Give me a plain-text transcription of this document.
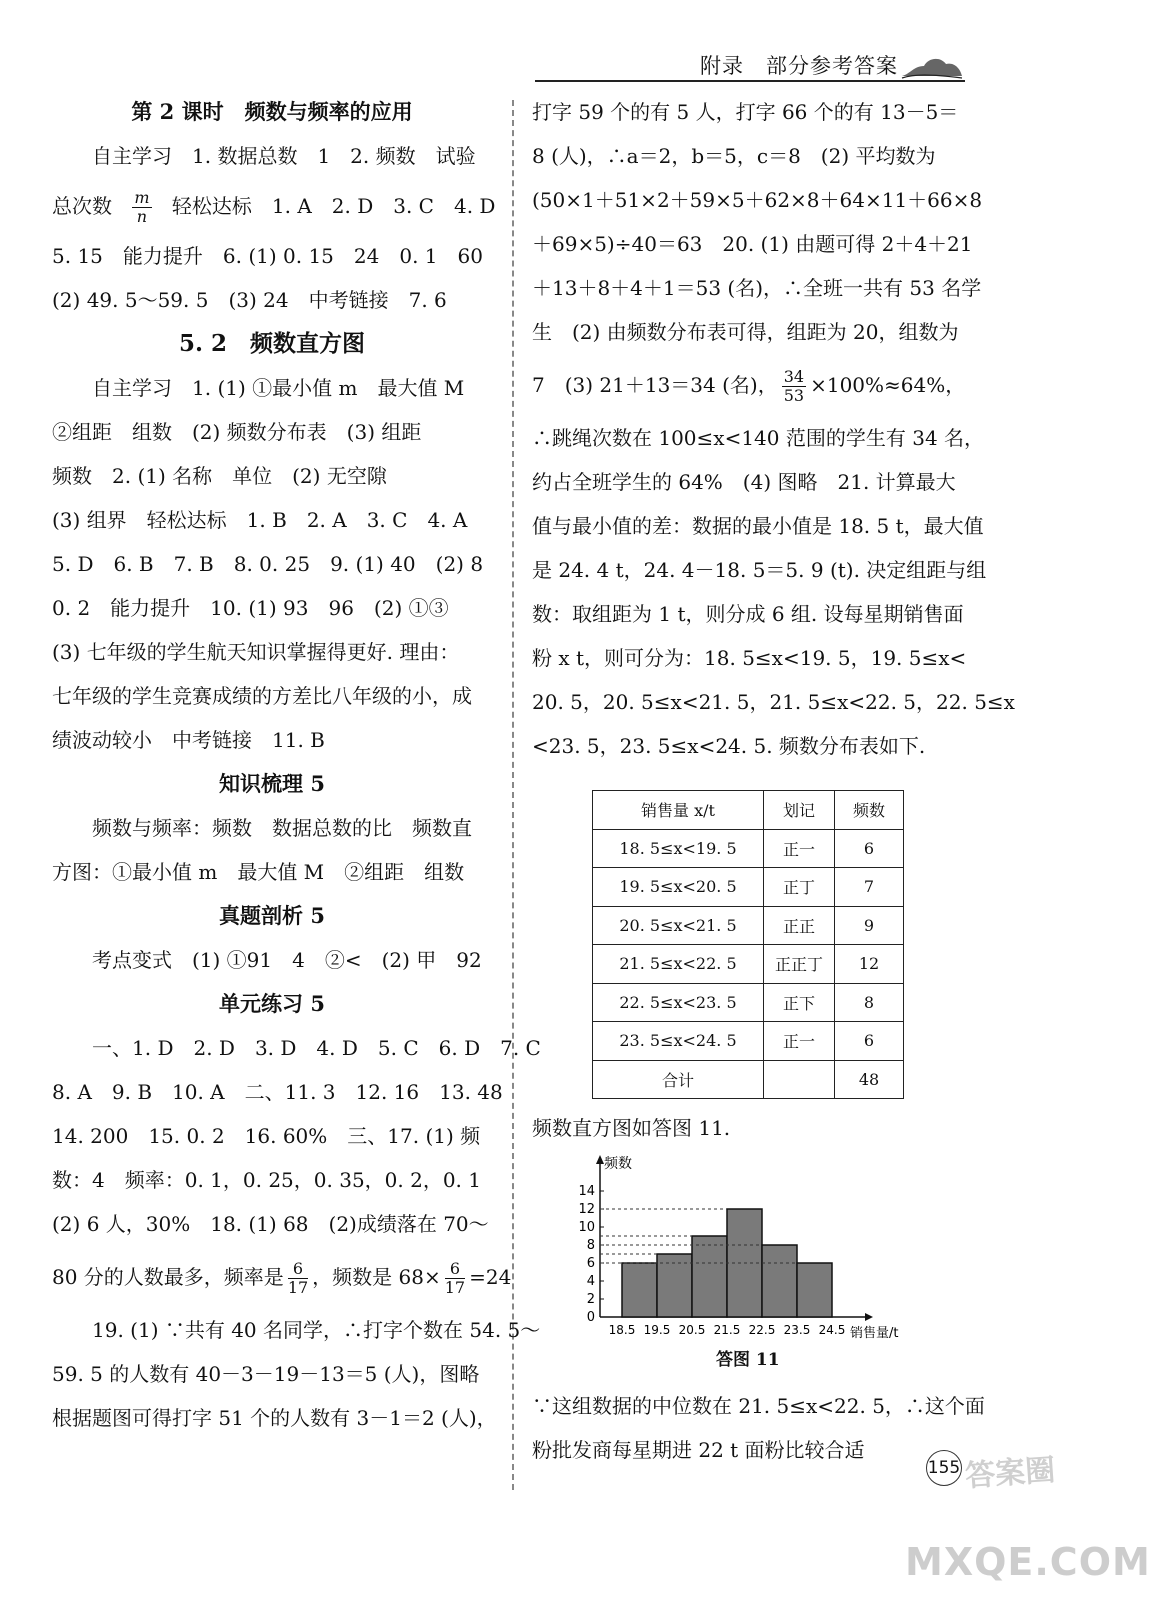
附录　部分参考答案
第 2 课时　频数与频率的应用
自主学习　1. 数据总数　1　2. 频数　试验
总次数 $\frac{m}{n}$ 轻松达标　1. A　2. D　3. C　4. D
5. 15　能力提升　6. (1) 0. 15　24　0. 1　60
(2) 49. 5～59. 5　(3) 24　中考链接　7. 6
5. 2　频数直方图
自主学习　1. (1) ①最小值 m　最大值 M
②组距　组数　(2) 频数分布表　(3) 组距
频数　2. (1) 名称　单位　(2) 无空隙
(3) 组界　轻松达标　1. B　2. A　3. C　4. A
5. D　6. B　7. B　8. 0. 25　9. (1) 40　(2) 8
0. 2　能力提升　10. (1) 93　96　(2) ①③
(3) 七年级的学生航天知识掌握得更好. 理由：
七年级的学生竞赛成绩的方差比八年级的小，成
绩波动较小　中考链接　11. B
知识梳理 5
频数与频率：频数　数据总数的比　频数直
方图：①最小值 m　最大值 M　②组距　组数
真题剖析 5
考点变式　(1) ①91　4　②<　(2) 甲　92
单元练习 5
一、1. D　2. D　3. D　4. D　5. C　6. D　7. C
8. A　9. B　10. A　二、11. 3　12. 16　13. 48
14. 200　15. 0. 2　16. 60%　三、17. (1) 频
数：4　频率：0. 1，0. 25，0. 35，0. 2，0. 1
(2) 6 人，30%　18. (1) 68　(2)成绩落在 70～
80 分的人数最多，频率是 $\frac{6}{17}$ ，频数是 $68\times \frac{6}{17} =24$
19. (1) ∵共有 40 名同学，∴打字个数在 54. 5～
59. 5 的人数有 40－3－19－13＝5 (人)，图略
根据题图可得打字 51 个的人数有 3－1＝2 (人)，
打字 59 个的有 5 人，打字 66 个的有 13－5＝
8 (人)，∴a＝2，b＝5，c＝8　(2) 平均数为
(50×1＋51×2＋59×5＋62×8＋64×11＋66×8
＋69×5)÷40＝63　20. (1) 由题可得 2＋4＋21
＋13＋8＋4＋1＝53 (名)，∴全班一共有 53 名学
生　(2) 由频数分布表可得，组距为 20，组数为
7　(3) 21＋13＝34 (名)， $\frac{34}{53} \times 100\%\approx 64\%$，
∴跳绳次数在 100≤x<140 范围的学生有 34 名，
约占全班学生的 64%　(4) 图略　21. 计算最大
值与最小值的差：数据的最小值是 18. 5 t，最大值
是 24. 4 t，24. 4－18. 5＝5. 9 (t). 决定组距与组
数：取组距为 1 t，则分成 6 组. 设每星期销售面
粉 x t，则可分为：18. 5≤x<19. 5，19. 5≤x<
20. 5，20. 5≤x<21. 5，21. 5≤x<22. 5，22. 5≤x
<23. 5，23. 5≤x<24. 5. 频数分布表如下.
销售量 x/t	划记	频数
18. 5≤x<19. 5	正一	6
19. 5≤x<20. 5	正丁	7
20. 5≤x<21. 5	正正	9
21. 5≤x<22. 5	正正丁	12
22. 5≤x<23. 5	正下	8
23. 5≤x<24. 5	正一	6
合计		48
频数直方图如答图 11.
0
2
4
6
8
10
12
14
18.5 19.5 20.5 21.5 22.5 23.5 24.5
频数
销售量/t
答图 11
∵这组数据的中位数在 21. 5≤x<22. 5，∴这个面
粉批发商每星期进 22 t 面粉比较合适
155 答案圈
MXQE.COM
